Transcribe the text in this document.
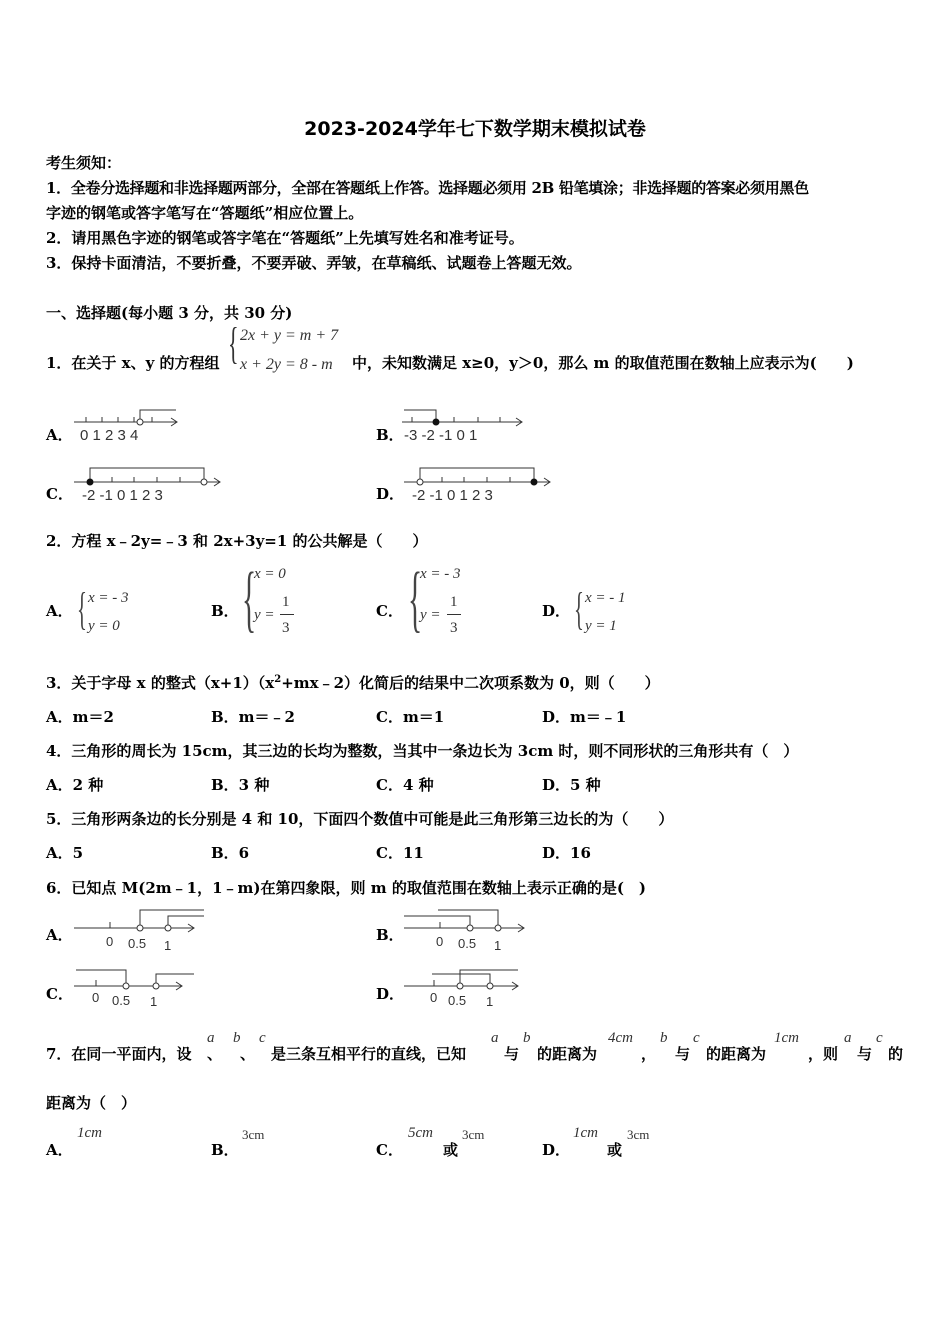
2023-2024学年七下数学期末模拟试卷
考生须知：
1．全卷分选择题和非选择题两部分，全部在答题纸上作答。选择题必须用 2B 铅笔填涂；非选择题的答案必须用黑色
字迹的钢笔或答字笔写在“答题纸”相应位置上。
2．请用黑色字迹的钢笔或答字笔在“答题纸”上先填写姓名和准考证号。
3．保持卡面清洁，不要折叠，不要弄破、弄皱，在草稿纸、试题卷上答题无效。
一、选择题(每小题 3 分，共 30 分)
1．在关于 x、y 的方程组 { 2x + y = m + 7
x + 2y = 8 - m 中，未知数满足 x≥0，y＞0，那么 m 的取值范围在数轴上应表示为(　　)
A． 0 1 2 3 4	B． -3 -2 -1 0 1
C． -2 -1 0 1 2 3	D． -2 -1 0 1 2 3
2．方程 x﹣2y=﹣3 和 2x+3y=1 的公共解是（　　）
A． { x = - 3
y = 0
B． {
x = 0
y =
1
3
C． {
x = - 3
y =
1
3
D． { x = - 1
y = 1
3．关于字母 x 的整式$(x+1)(x^2+mx﹣2)$化简后的结果中二次项系数为 0，则（　　）
A．m＝2	B．m＝﹣2	C．m＝1	D．m＝﹣1
4．三角形的周长为 15cm，其三边的长均为整数，当其中一条边长为 3cm 时，则不同形状的三角形共有（　）
A．2 种	B．3 种	C．4 种	D．5 种
5．三角形两条边的长分别是 4 和 10，下面四个数值中可能是此三角形第三边长的为（　　）
A．5	B．6	C．11	D．16
6．已知点 M(2m﹣1，1﹣m)在第四象限，则 m 的取值范围在数轴上表示正确的是(　)
A．	0 0.5 1
B． 0 0.5 1
C． 0 0.5 1	D． 0 0.5 1
7．在同一平面内，设
a
、
b
、
c
是三条互相平行的直线，已知
a
与
b
的距离为
4cm
，
b
与
c
的距离为
1cm
，则
a
与
c
的
距离为（　）
A．
1cm
B．
3cm
C．
5cm
或
3cm
D．
1cm
或
3cm
